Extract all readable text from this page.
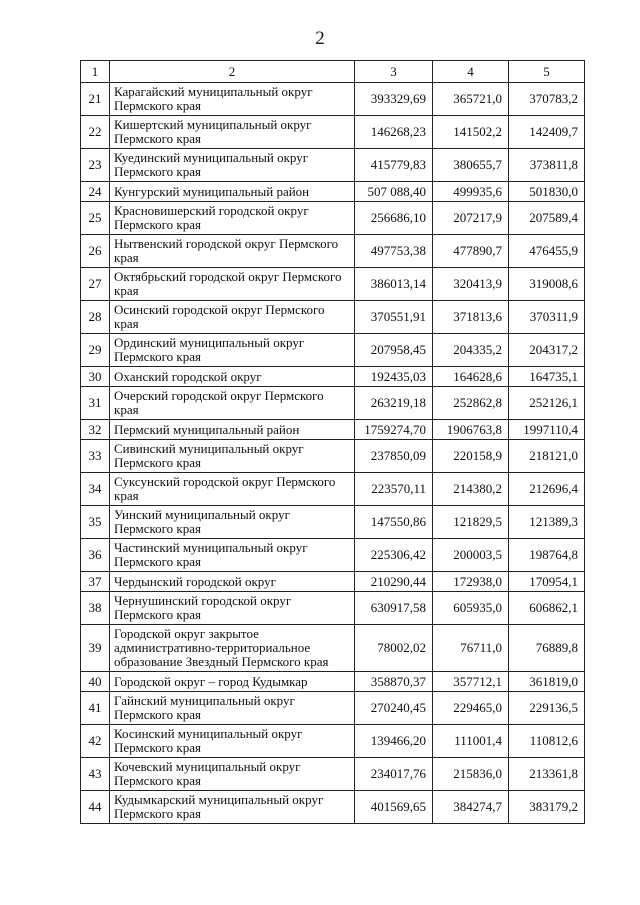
2
1	2	3	4	5
21	Карагайский муниципальный округ Пермского края	393329,69	365721,0	370783,2
22	Кишертский муниципальный округ Пермского края	146268,23	141502,2	142409,7
23	Куединский муниципальный округ Пермского края	415779,83	380655,7	373811,8
24	Кунгурский муниципальный район	507 088,40	499935,6	501830,0
25	Красновишерский городской округ Пермского края	256686,10	207217,9	207589,4
26	Нытвенский городской округ Пермского края	497753,38	477890,7	476455,9
27	Октябрьский городской округ Пермского края	386013,14	320413,9	319008,6
28	Осинский городской округ Пермского края	370551,91	371813,6	370311,9
29	Ординский муниципальный округ Пермского края	207958,45	204335,2	204317,2
30	Оханский городской округ	192435,03	164628,6	164735,1
31	Очерский городской округ Пермского края	263219,18	252862,8	252126,1
32	Пермский муниципальный район	1759274,70	1906763,8	1997110,4
33	Сивинский муниципальный округ Пермского края	237850,09	220158,9	218121,0
34	Суксунский городской округ Пермского края	223570,11	214380,2	212696,4
35	Уинский муниципальный округ Пермского края	147550,86	121829,5	121389,3
36	Частинский муниципальный округ Пермского края	225306,42	200003,5	198764,8
37	Чердынский городской округ	210290,44	172938,0	170954,1
38	Чернушинский городской округ Пермского края	630917,58	605935,0	606862,1
39	Городской округ закрытое административно-территориальное образование Звездный Пермского края	78002,02	76711,0	76889,8
40	Городской округ – город Кудымкар	358870,37	357712,1	361819,0
41	Гайнский муниципальный округ Пермского края	270240,45	229465,0	229136,5
42	Косинский муниципальный округ Пермского края	139466,20	111001,4	110812,6
43	Кочевский муниципальный округ Пермского края	234017,76	215836,0	213361,8
44	Кудымкарский муниципальный округ Пермского края	401569,65	384274,7	383179,2
